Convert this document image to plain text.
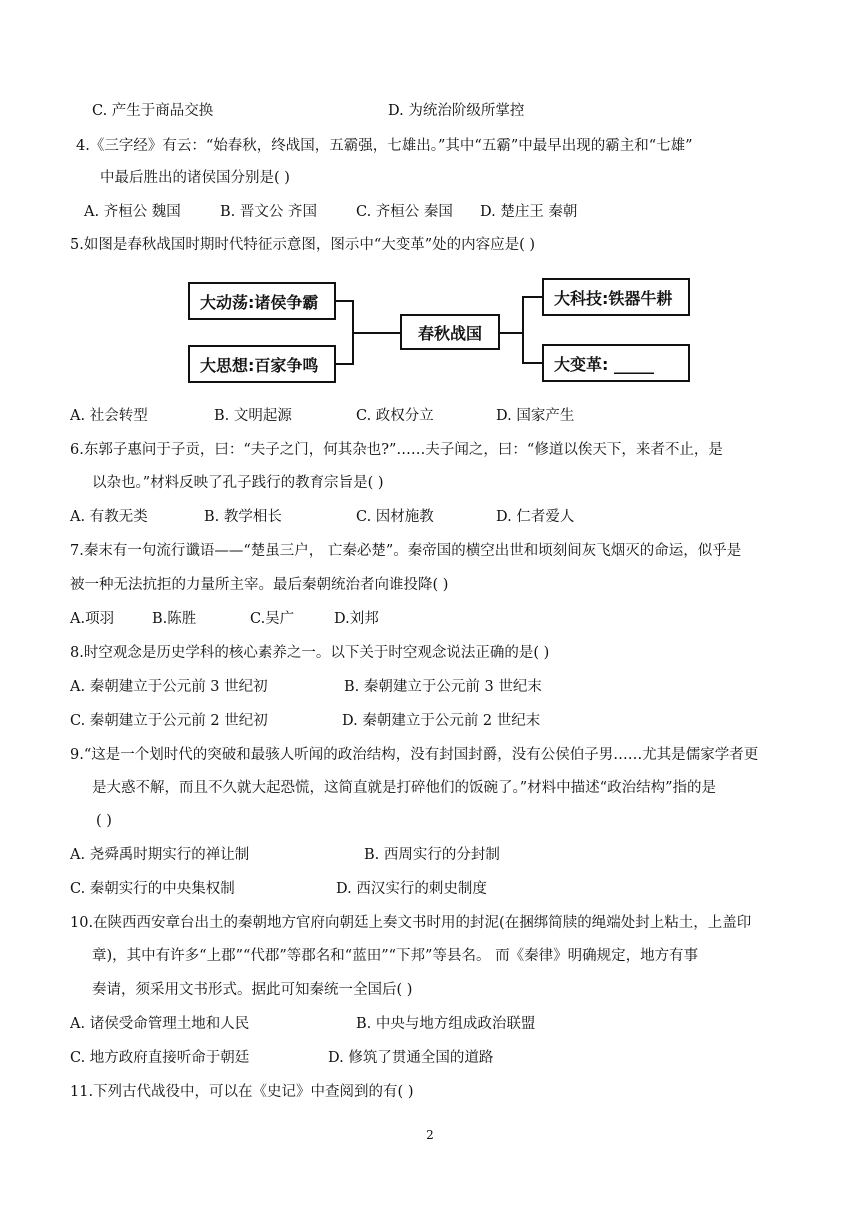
C. 产生于商品交换	D. 为统治阶级所掌控
4.《三字经》有云：“始春秋，终战国，五霸强，七雄出。”其中“五霸”中最早出现的霸主和“七雄”
中最后胜出的诸侯国分别是( )
A. 齐桓公 魏国	B. 晋文公 齐国	C. 齐桓公 秦国 D. 楚庄王 秦朝
5.如图是春秋战国时期时代特征示意图，图示中“大变革”处的内容应是( )
大动荡:诸侯争霸
大思想:百家争鸣
春秋战国
大科技:铁器牛耕
大变革: _____
A. 社会转型	B. 文明起源	C. 政权分立	D. 国家产生
6.东郭子惠问于子贡，曰：“夫子之门，何其杂也?”……夫子闻之，曰：“修道以俟天下，来者不止，是
以杂也。”材料反映了孔子践行的教育宗旨是( )
A. 有教无类	B. 教学相长	C. 因材施教	D. 仁者爱人
7.秦末有一句流行谶语——“楚虽三户， 亡秦必楚”。秦帝国的横空出世和顷刻间灰飞烟灭的命运，似乎是
被一种无法抗拒的力量所主宰。最后秦朝统治者向谁投降( )
A.项羽	B.陈胜	C.吴广	D.刘邦
8.时空观念是历史学科的核心素养之一。以下关于时空观念说法正确的是( )
A. 秦朝建立于公元前 3 世纪初	B. 秦朝建立于公元前 3 世纪末
C. 秦朝建立于公元前 2 世纪初	D. 秦朝建立于公元前 2 世纪末
9.“这是一个划时代的突破和最骇人听闻的政治结构，没有封国封爵，没有公侯伯子男……尤其是儒家学者更
是大惑不解，而且不久就大起恐慌，这简直就是打碎他们的饭碗了。”材料中描述“政治结构”指的是
( )
A. 尧舜禹时期实行的禅让制	B. 西周实行的分封制
C. 秦朝实行的中央集权制	D. 西汉实行的刺史制度
10.在陕西西安章台出土的秦朝地方官府向朝廷上奏文书时用的封泥(在捆绑简牍的绳端处封上粘土，上盖印
章)，其中有许多“上郡”“代郡”等郡名和“蓝田”“下邦”等县名。 而《秦律》明确规定，地方有事
奏请，须采用文书形式。据此可知秦统一全国后( )
A. 诸侯受命管理土地和人民	B. 中央与地方组成政治联盟
C. 地方政府直接听命于朝廷	D. 修筑了贯通全国的道路
11.下列古代战役中，可以在《史记》中查阅到的有( )
2
